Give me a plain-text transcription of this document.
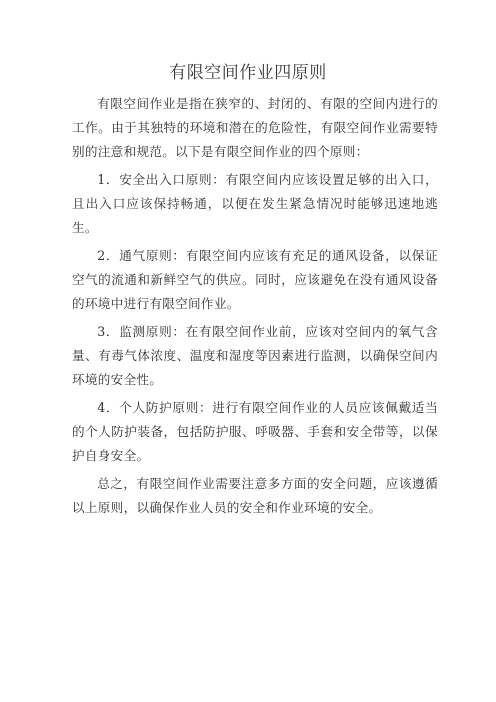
有限空间作业四原则

有限空间作业是指在狭窄的、封闭的、有限的空间内进行的工作。由于其独特的环境和潜在的危险性，有限空间作业需要特别的注意和规范。以下是有限空间作业的四个原则：

1．安全出入口原则：有限空间内应该设置足够的出入口，且出入口应该保持畅通，以便在发生紧急情况时能够迅速地逃生。

2．通气原则：有限空间内应该有充足的通风设备，以保证空气的流通和新鲜空气的供应。同时，应该避免在没有通风设备的环境中进行有限空间作业。

3．监测原则：在有限空间作业前，应该对空间内的氧气含量、有毒气体浓度、温度和湿度等因素进行监测，以确保空间内环境的安全性。

4．个人防护原则：进行有限空间作业的人员应该佩戴适当的个人防护装备，包括防护服、呼吸器、手套和安全带等，以保护自身安全。

总之，有限空间作业需要注意多方面的安全问题，应该遵循以上原则，以确保作业人员的安全和作业环境的安全。
